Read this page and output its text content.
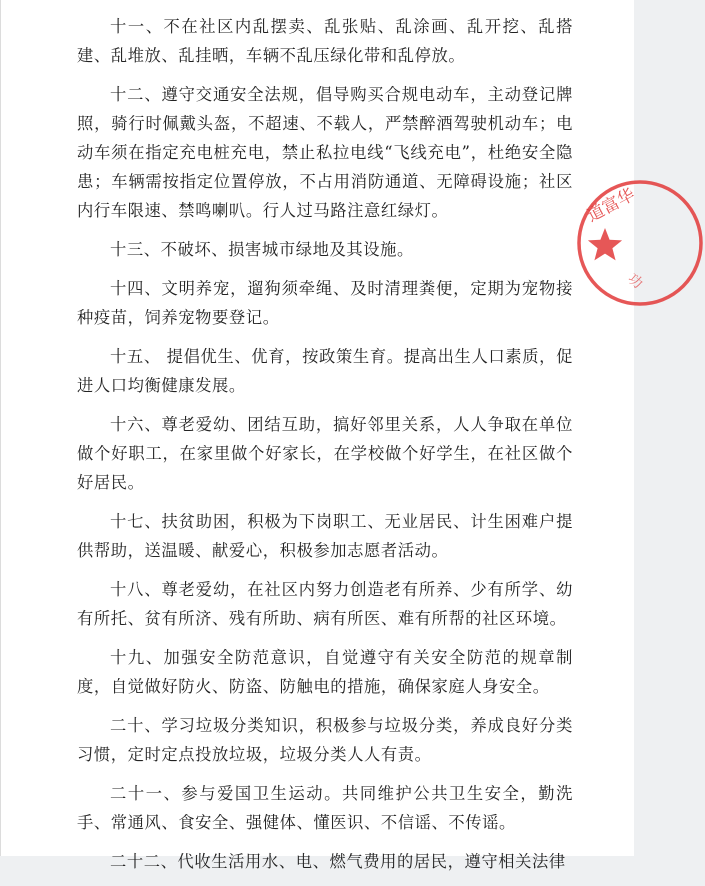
十一、不在社区内乱摆卖、乱张贴、乱涂画、乱开挖、乱搭建、乱堆放、乱挂晒，车辆不乱压绿化带和乱停放。

十二、遵守交通安全法规，倡导购买合规电动车，主动登记牌照，骑行时佩戴头盔，不超速、不载人，严禁醉酒驾驶机动车；电动车须在指定充电桩充电，禁止私拉电线“飞线充电”，杜绝安全隐患；车辆需按指定位置停放，不占用消防通道、无障碍设施；社区内行车限速、禁鸣喇叭。行人过马路注意红绿灯。

十三、不破坏、损害城市绿地及其设施。

十四、文明养宠，遛狗须牵绳、及时清理粪便，定期为宠物接种疫苗，饲养宠物要登记。

十五、 提倡优生、优育，按政策生育。提高出生人口素质，促进人口均衡健康发展。

十六、尊老爱幼、团结互助，搞好邻里关系，人人争取在单位做个好职工，在家里做个好家长，在学校做个好学生，在社区做个好居民。

十七、扶贫助困，积极为下岗职工、无业居民、计生困难户提供帮助，送温暖、献爱心，积极参加志愿者活动。

十八、尊老爱幼，在社区内努力创造老有所养、少有所学、幼有所托、贫有所济、残有所助、病有所医、难有所帮的社区环境。

十九、加强安全防范意识，自觉遵守有关安全防范的规章制度，自觉做好防火、防盗、防触电的措施，确保家庭人身安全。

二十、学习垃圾分类知识，积极参与垃圾分类，养成良好分类习惯，定时定点投放垃圾，垃圾分类人人有责。

二十一、参与爱国卫生运动。共同维护公共卫生安全，勤洗手、常通风、食安全、强健体、懂医识、不信谣、不传谣。

二十二、代收生活用水、电、燃气费用的居民，遵守相关法律

道富华
功
